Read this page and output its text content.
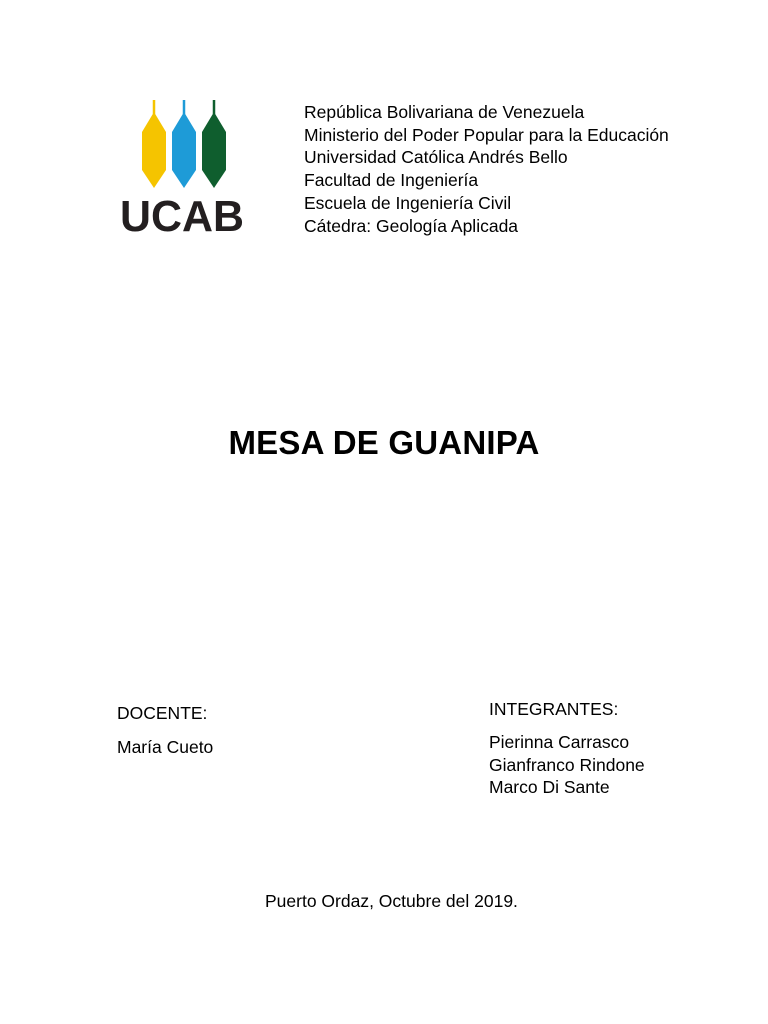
UCAB
República Bolivariana de Venezuela
Ministerio del Poder Popular para la Educación
Universidad Católica Andrés Bello
Facultad de Ingeniería
Escuela de Ingeniería Civil
Cátedra: Geología Aplicada
MESA DE GUANIPA
DOCENTE:
María Cueto
INTEGRANTES:
Pierinna Carrasco
Gianfranco Rindone
Marco Di Sante
Puerto Ordaz, Octubre del 2019.
